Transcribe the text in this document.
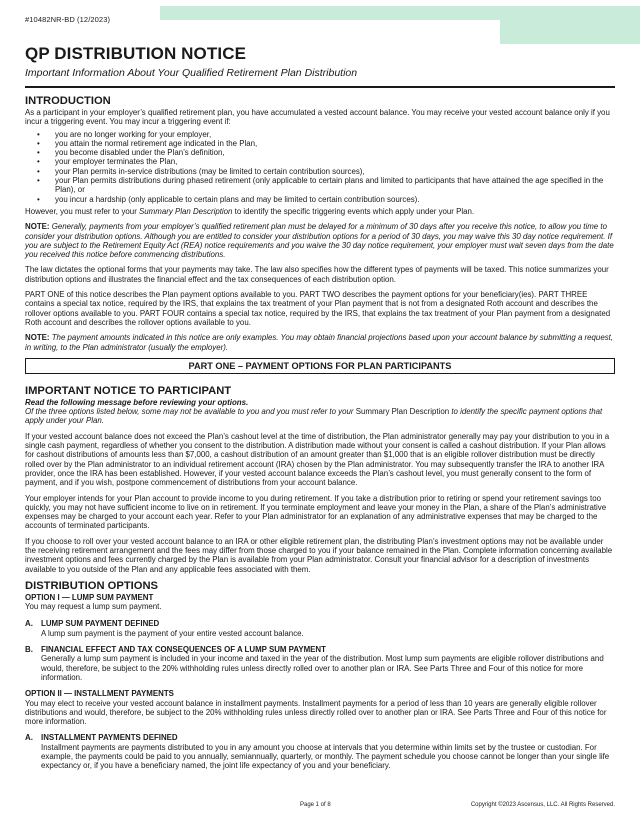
#10482NR-BD (12/2023)
QP DISTRIBUTION NOTICE
Important Information About Your Qualified Retirement Plan Distribution
INTRODUCTION

As a participant in your employer’s qualified retirement plan, you have accumulated a vested account balance. You may receive your vested account balance only if you incur a triggering event. You may incur a triggering event if:

• you are no longer working for your employer,
• you attain the normal retirement age indicated in the Plan,
• you become disabled under the Plan’s definition,
• your employer terminates the Plan,
• your Plan permits in-service distributions (may be limited to certain contribution sources),
• your Plan permits distributions during phased retirement (only applicable to certain plans and limited to participants that have attained the age specified in the Plan), or
• you incur a hardship (only applicable to certain plans and may be limited to certain contribution sources).

However, you must refer to your Summary Plan Description to identify the specific triggering events which apply under your Plan.

NOTE: Generally, payments from your employer’s qualified retirement plan must be delayed for a minimum of 30 days after you receive this notice, to allow you time to consider your distribution options. Although you are entitled to consider your distribution options for a period of 30 days, you may waive this 30 day notice requirement. If you are subject to the Retirement Equity Act (REA) notice requirements and you waive the 30 day notice requirement, your employer must wait seven days from the date you received this notice before commencing distributions.

The law dictates the optional forms that your payments may take. The law also specifies how the different types of payments will be taxed. This notice summarizes your distribution options and illustrates the financial effect and the tax consequences of each distribution option.

PART ONE of this notice describes the Plan payment options available to you. PART TWO describes the payment options for your beneficiary(ies). PART THREE contains a special tax notice, required by the IRS, that explains the tax treatment of your Plan payment that is not from a designated Roth account and describes the rollover options available to you. PART FOUR contains a special tax notice, required by the IRS, that explains the tax treatment of your Plan payment from a designated Roth account and describes the rollover options available to you.

NOTE: The payment amounts indicated in this notice are only examples. You may obtain financial projections based upon your account balance by submitting a request, in writing, to the Plan administrator (usually the employer).

PART ONE – PAYMENT OPTIONS FOR PLAN PARTICIPANTS
IMPORTANT NOTICE TO PARTICIPANT
Read the following message before reviewing your options.

Of the three options listed below, some may not be available to you and you must refer to your Summary Plan Description to identify the specific payment options that apply under your Plan.

If your vested account balance does not exceed the Plan’s cashout level at the time of distribution, the Plan administrator generally may pay your distribution to you in a single cash payment, regardless of whether you consent to the distribution. A distribution made without your consent is called a cashout distribution. If your Plan allows for cashout distributions of amounts less than $7,000, a cashout distribution of an amount greater than $1,000 that is an eligible rollover distribution must be directly rolled over by the Plan administrator to an individual retirement account (IRA) chosen by the Plan administrator. You may subsequently transfer the IRA to another IRA provider, once the IRA has been established. However, if your vested account balance exceeds the Plan’s cashout level, you must generally consent to the form of payment, and if you wish, postpone commencement of distributions from your account balance.

Your employer intends for your Plan account to provide income to you during retirement. If you take a distribution prior to retiring or spend your retirement savings too quickly, you may not have sufficient income to live on in retirement. If you terminate employment and leave your money in the Plan, a share of the Plan’s administrative expenses may be charged to your account each year. Refer to your Plan administrator for an explanation of any administrative expenses that may be charged to the accounts of terminated participants.

If you choose to roll over your vested account balance to an IRA or other eligible retirement plan, the distributing Plan’s investment options may not be available under the receiving retirement arrangement and the fees may differ from those charged to you if your balance remained in the Plan. Complete information concerning available investment options and fees currently charged by the Plan is available from your Plan administrator. Consult your financial advisor for a description of investments available to you outside of the Plan and any applicable fees associated with them.

DISTRIBUTION OPTIONS
OPTION I — LUMP SUM PAYMENT
You may request a lump sum payment.
A.	LUMP SUM PAYMENT DEFINED
A lump sum payment is the payment of your entire vested account balance.
B.	FINANCIAL EFFECT AND TAX CONSEQUENCES OF A LUMP SUM PAYMENT
Generally a lump sum payment is included in your income and taxed in the year of the distribution. Most lump sum payments are eligible rollover distributions and would, therefore, be subject to the 20% withholding rules unless directly rolled over to another plan or IRA. See Parts Three and Four of this notice for more information.
OPTION II — INSTALLMENT PAYMENTS
You may elect to receive your vested account balance in installment payments. Installment payments for a period of less than 10 years are generally eligible rollover distributions and would, therefore, be subject to the 20% withholding rules unless directly rolled over to another plan or IRA. See Parts Three and Four of this notice for more information.
A.	INSTALLMENT PAYMENTS DEFINED
Installment payments are payments distributed to you in any amount you choose at intervals that you determine within limits set by the trustee or custodian. For example, the payments could be paid to you annually, semiannually, quarterly, or monthly. The payment schedule you choose cannot be longer than your single life expectancy or, if you have a beneficiary named, the joint life expectancy of you and your beneficiary.
Page 1 of 8	Copyright ©2023 Ascensus, LLC. All Rights Reserved.
